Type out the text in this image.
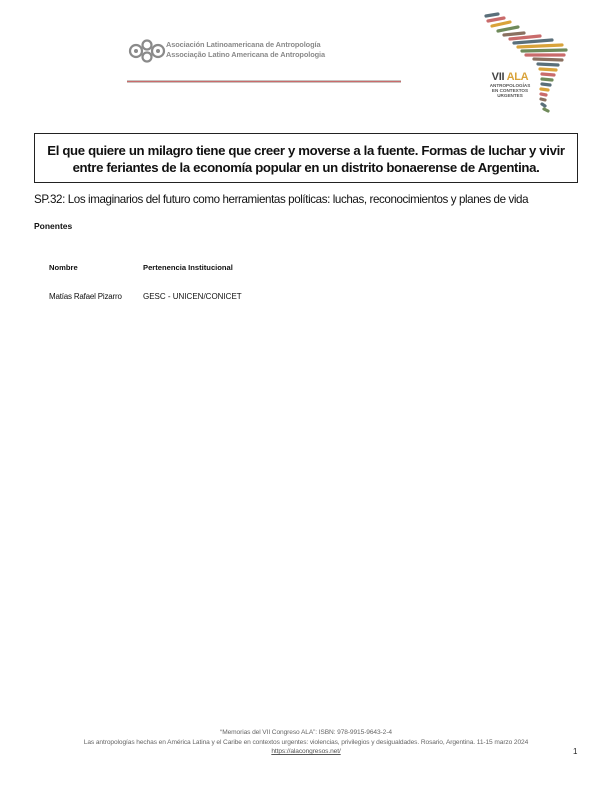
Asociación Latinoamericana de Antropología
Associação Latino Americana de Antropologia
VII ALA
ANTROPOLOGÍAS
EN CONTEXTOS
URGENTES
El que quiere un milagro tiene que creer y moverse a la fuente. Formas de luchar y vivir
entre feriantes de la economía popular en un distrito bonaerense de Argentina.
SP.32: Los imaginarios del futuro como herramientas políticas: luchas, reconocimientos y planes de vida
Ponentes
Nombre	Pertenencia Institucional
Matías Rafael Pizarro	GESC - UNICEN/CONICET
“Memorias del VII Congreso ALA”: ISBN: 978-9915-9643-2-4
Las antropologías hechas en América Latina y el Caribe en contextos urgentes: violencias, privilegios y desigualdades. Rosario, Argentina. 11-15 marzo 2024
https://alacongresos.net/	1
